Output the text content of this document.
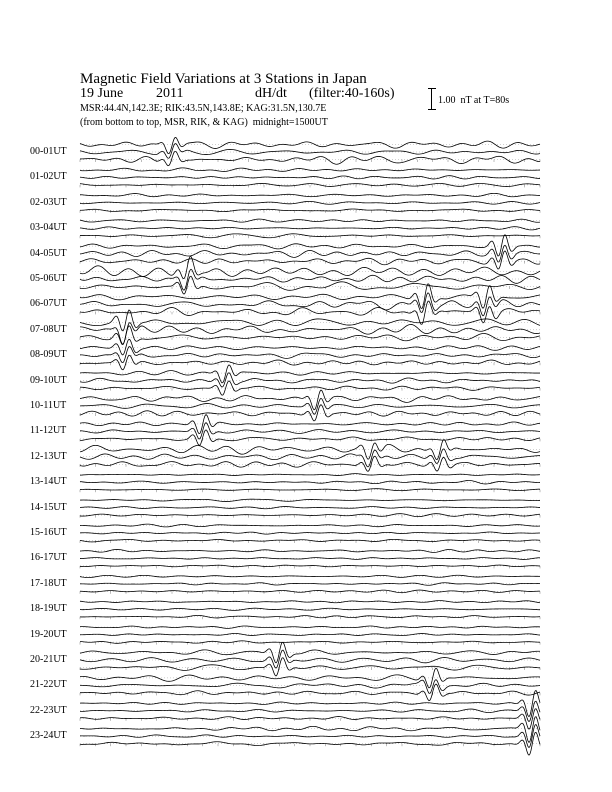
Magnetic Field Variations at 3 Stations in Japan
19 June 2011	dH/dt (filter:40-160s)
MSR:44.4N,142.3E; RIK:43.5N,143.8E; KAG:31.5N,130.7E
(from bottom to top, MSR, RIK, & KAG) midnight=1500UT
1.00  nT at T=80s
00-01UT
01-02UT
02-03UT
03-04UT
04-05UT
05-06UT
06-07UT
07-08UT
08-09UT
09-10UT
10-11UT
11-12UT
12-13UT
13-14UT
14-15UT
15-16UT
16-17UT
17-18UT
18-19UT
19-20UT
20-21UT
21-22UT
22-23UT
23-24UT
